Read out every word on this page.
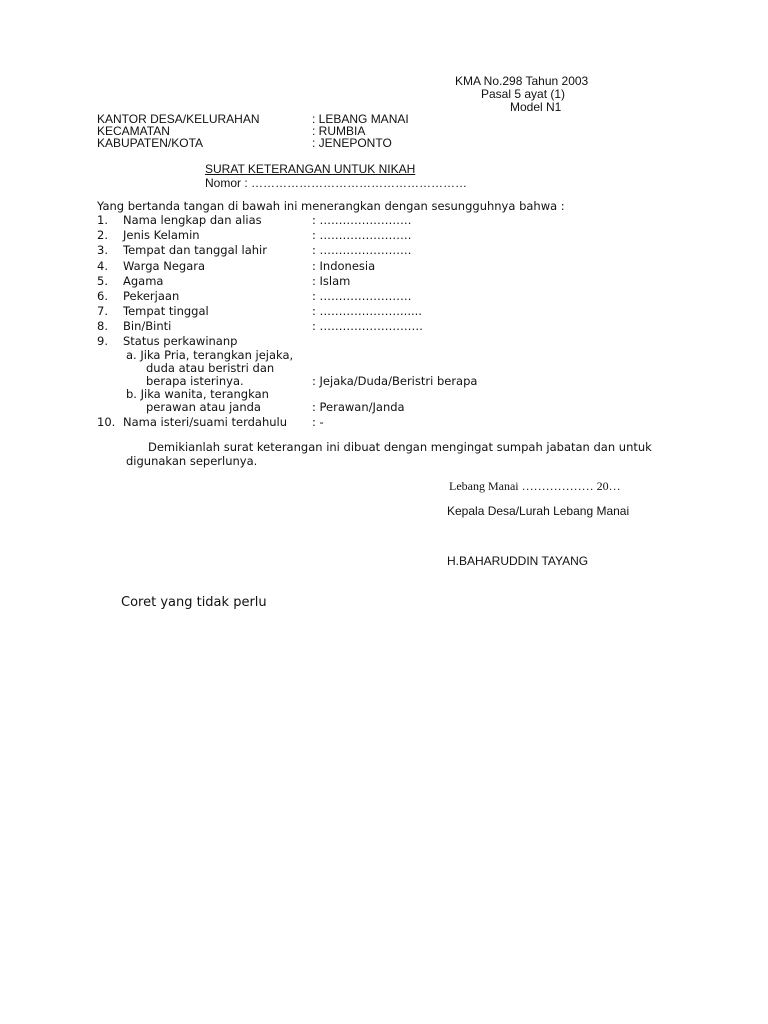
KMA No.298 Tahun 2003
Pasal 5 ayat (1)
Model N1
KANTOR DESA/KELURAHAN	: LEBANG MANAI
KECAMATAN	: RUMBIA
KABUPATEN/KOTA	: JENEPONTO
SURAT KETERANGAN UNTUK NIKAH
Nomor : ………………………………………………
Yang bertanda tangan di bawah ini menerangkan dengan sesungguhnya bahwa :
1. Nama lengkap dan alias	: ……………………
2. Jenis Kelamin	: ……………………
3. Tempat dan tanggal lahir	: ……………………
4. Warga Negara	: Indonesia
5. Agama	: Islam
6. Pekerjaan	: ……………………
7. Tempat tinggal	: …………………......
8. Bin/Binti	: ………………………
9. Status perkawinanp
a. Jika Pria, terangkan jejaka,
duda atau beristri dan
berapa isterinya.	: Jejaka/Duda/Beristri berapa
b. Jika wanita, terangkan
perawan atau janda	: Perawan/Janda
10. Nama isteri/suami terdahulu : -
Demikianlah surat keterangan ini dibuat dengan mengingat sumpah jabatan dan untuk
digunakan seperlunya.
Lebang Manai ……………… 20…
Kepala Desa/Lurah Lebang Manai
H.BAHARUDDIN TAYANG
Coret yang tidak perlu
